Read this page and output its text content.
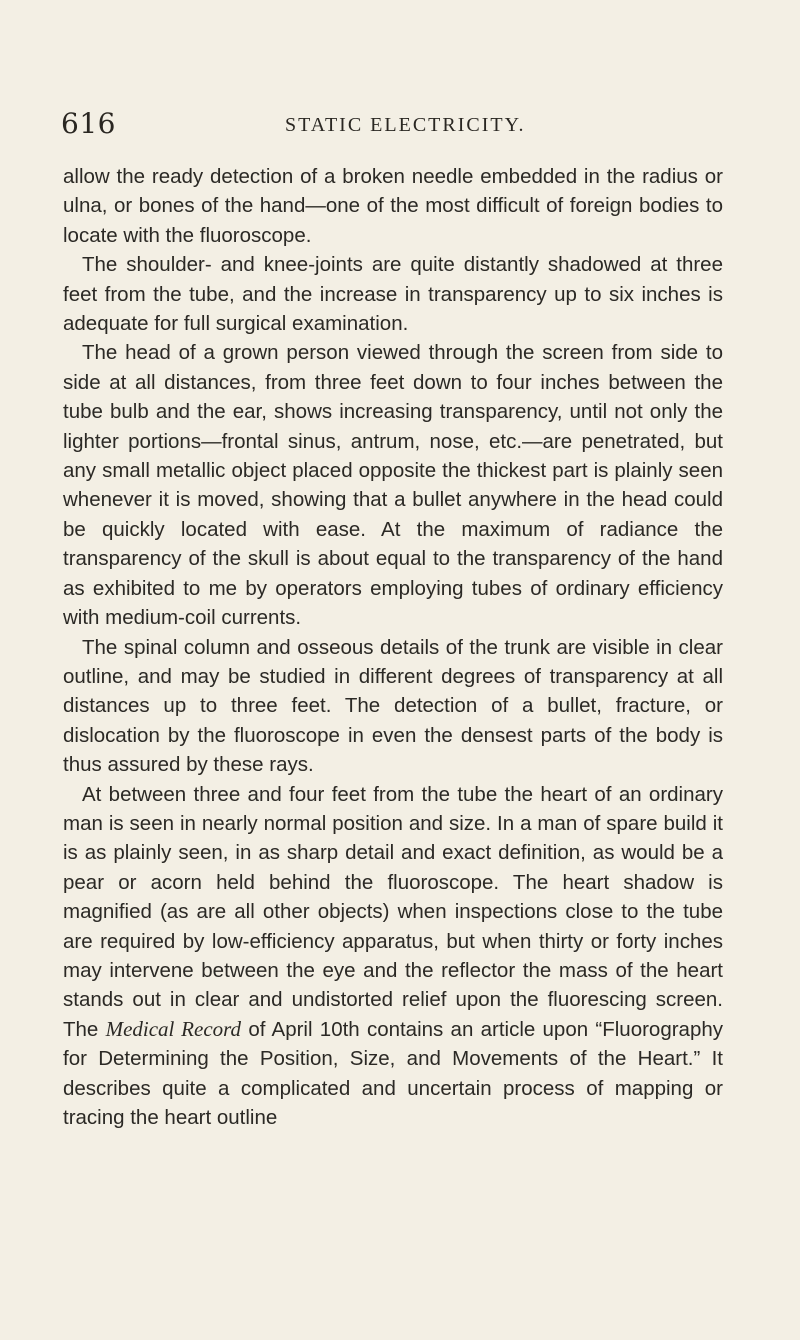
616	STATIC ELECTRICITY.

allow the ready detection of a broken needle embedded in the radius or ulna, or bones of the hand—one of the most difficult of foreign bodies to locate with the fluoroscope.

The shoulder- and knee-joints are quite distantly shadowed at three feet from the tube, and the increase in transparency up to six inches is adequate for full surgical examination.

The head of a grown person viewed through the screen from side to side at all distances, from three feet down to four inches between the tube bulb and the ear, shows increasing transparency, until not only the lighter portions—frontal sinus, antrum, nose, etc.—are penetrated, but any small metallic object placed opposite the thickest part is plainly seen whenever it is moved, showing that a bullet anywhere in the head could be quickly located with ease. At the maximum of radiance the transparency of the skull is about equal to the transparency of the hand as exhibited to me by operators employing tubes of ordinary efficiency with medium-coil currents.

The spinal column and osseous details of the trunk are visible in clear outline, and may be studied in different degrees of transparency at all distances up to three feet. The detection of a bullet, fracture, or dislocation by the fluoroscope in even the densest parts of the body is thus assured by these rays.

At between three and four feet from the tube the heart of an ordinary man is seen in nearly normal position and size. In a man of spare build it is as plainly seen, in as sharp detail and exact definition, as would be a pear or acorn held behind the fluoroscope. The heart shadow is magnified (as are all other objects) when inspections close to the tube are required by low-efficiency apparatus, but when thirty or forty inches may intervene between the eye and the reflector the mass of the heart stands out in clear and undistorted relief upon the fluorescing screen. The Medical Record of April 10th contains an article upon “Fluorography for Determining the Position, Size, and Movements of the Heart.” It describes quite a complicated and uncertain process of mapping or tracing the heart outline
